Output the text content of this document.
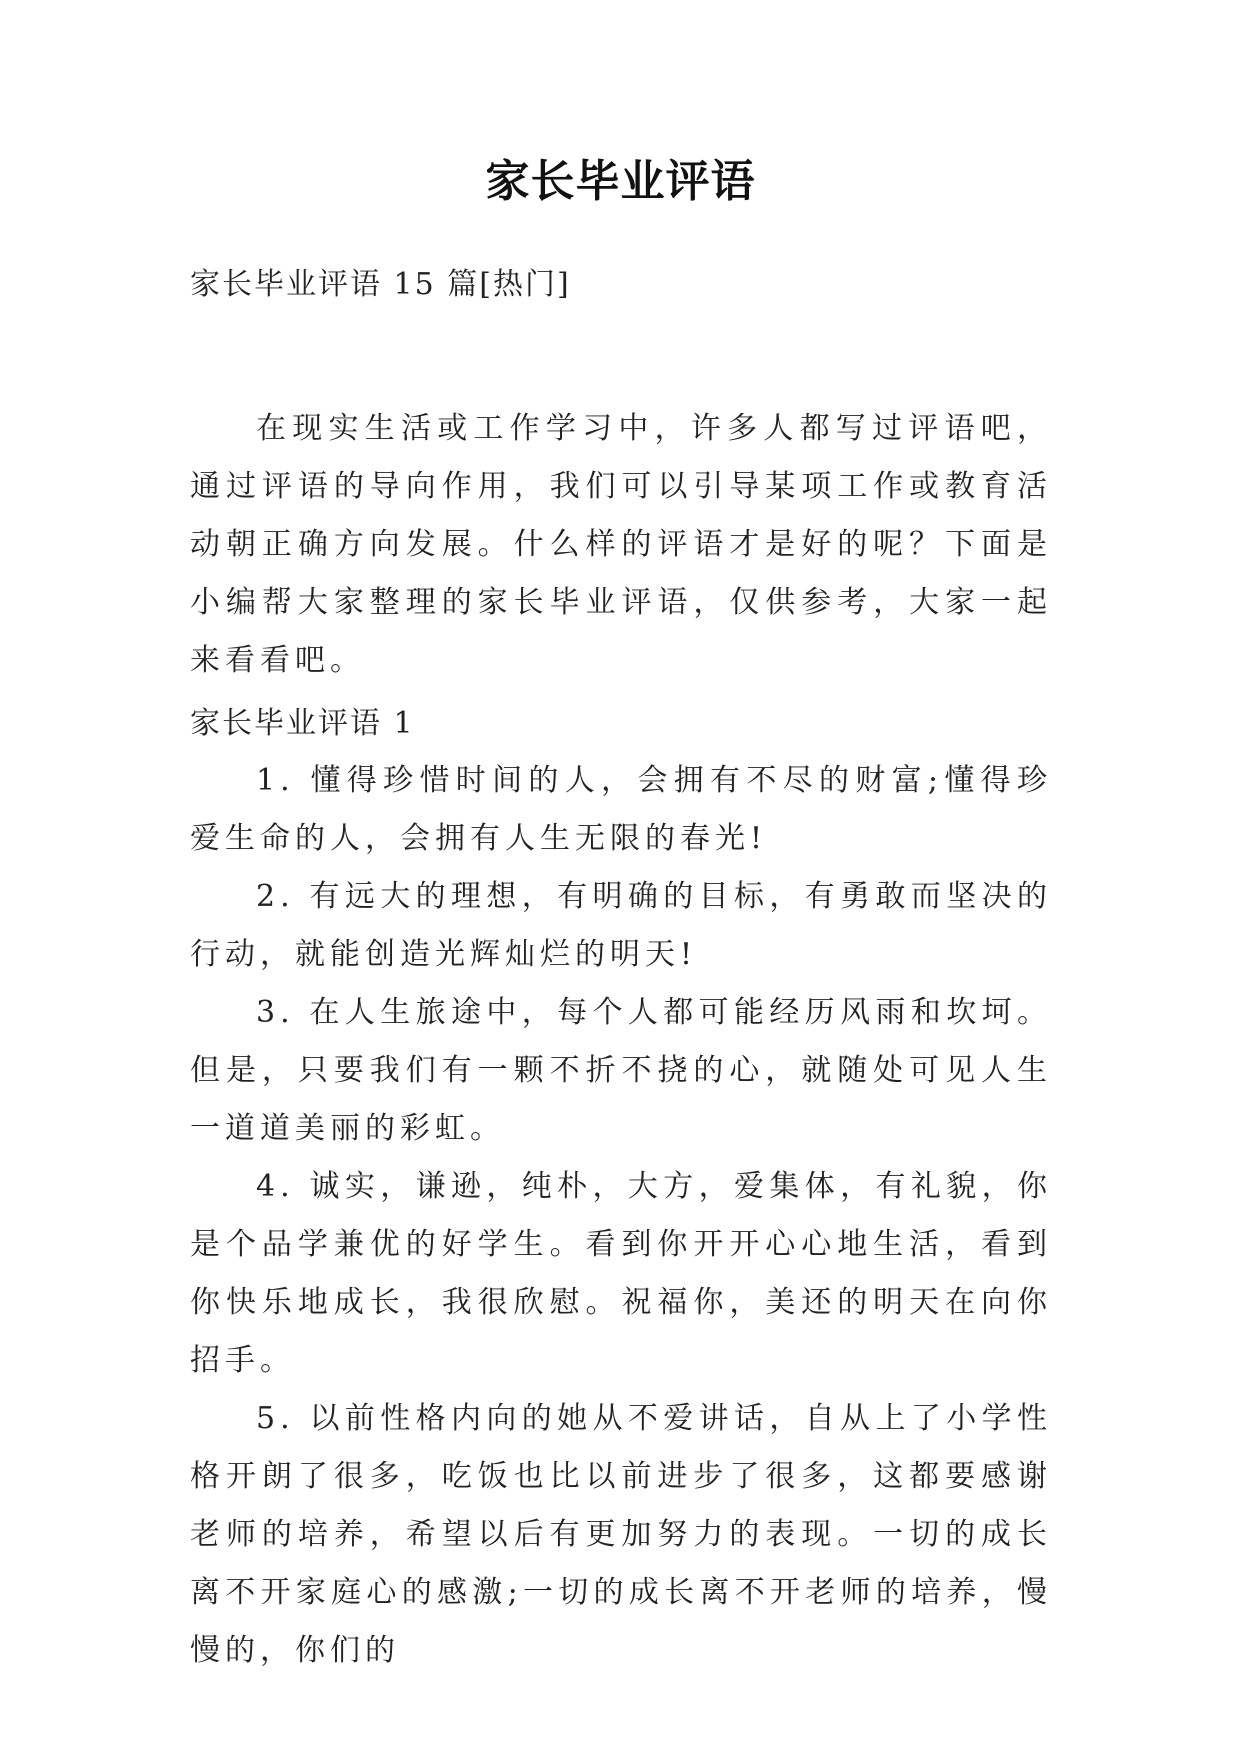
家长毕业评语
家长毕业评语 15 篇[热门]
在现实生活或工作学习中，许多人都写过评语吧，通过评语的导向作用，我们可以引导某项工作或教育活动朝正确方向发展。什么样的评语才是好的呢？下面是小编帮大家整理的家长毕业评语，仅供参考，大家一起来看看吧。
家长毕业评语 1

1. 懂得珍惜时间的人，会拥有不尽的财富;懂得珍爱生命的人，会拥有人生无限的春光!

2. 有远大的理想，有明确的目标，有勇敢而坚决的行动，就能创造光辉灿烂的明天!

3. 在人生旅途中，每个人都可能经历风雨和坎坷。但是，只要我们有一颗不折不挠的心，就随处可见人生一道道美丽的彩虹。

4. 诚实，谦逊，纯朴，大方，爱集体，有礼貌，你是个品学兼优的好学生。看到你开开心心地生活，看到你快乐地成长，我很欣慰。祝福你，美还的明天在向你招手。

5. 以前性格内向的她从不爱讲话，自从上了小学性格开朗了很多，吃饭也比以前进步了很多，这都要感谢老师的培养，希望以后有更加努力的表现。一切的成长离不开家庭心的感激;一切的成长离不开老师的培养，慢慢的，你们的
